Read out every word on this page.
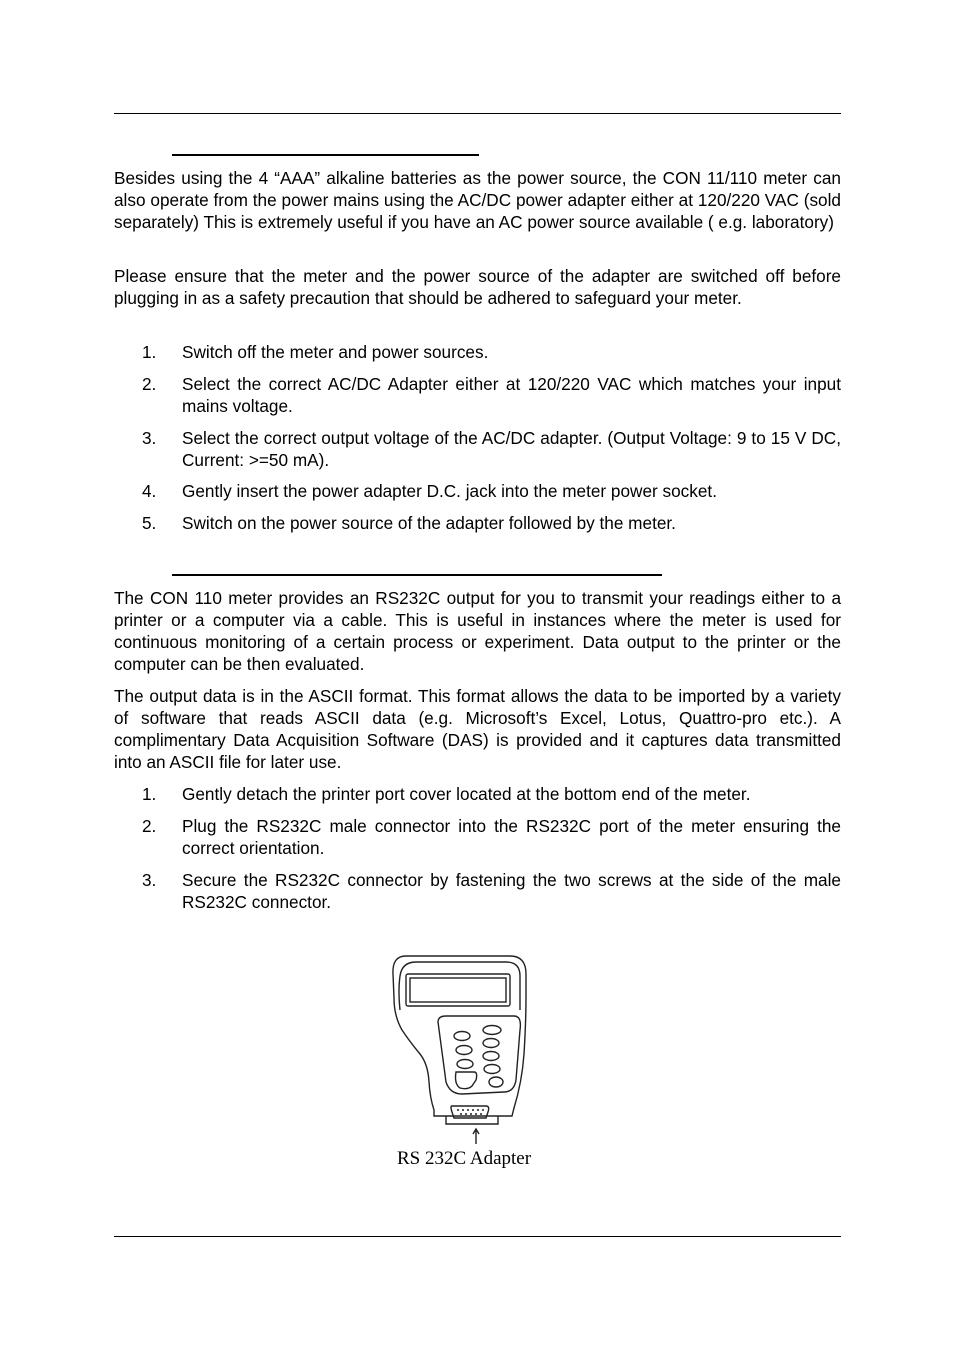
Besides using the 4 “AAA” alkaline batteries as the power source, the CON 11/110 meter can also operate from the power mains using the AC/DC power adapter either at 120/220 VAC (sold separately) This is extremely useful if you have an AC power source available ( e.g. laboratory)

Please ensure that the meter and the power source of the adapter are switched off before plugging in as a safety precaution that should be adhered to safeguard your meter.

1. Switch off the meter and power sources.
2. Select the correct AC/DC Adapter either at 120/220 VAC which matches your input mains voltage.
3. Select the correct output voltage of the AC/DC adapter. (Output Voltage: 9 to 15 V DC, Current: >=50 mA).
4. Gently insert the power adapter D.C. jack into the meter power socket.
5. Switch on the power source of the adapter followed by the meter.

The CON 110 meter provides an RS232C output for you to transmit your readings either to a printer or a computer via a cable. This is useful in instances where the meter is used for continuous monitoring of a certain process or experiment. Data output to the printer or the computer can be then evaluated.

The output data is in the ASCII format. This format allows the data to be imported by a variety of software that reads ASCII data (e.g. Microsoft’s Excel, Lotus, Quattro-pro etc.). A complimentary Data Acquisition Software (DAS) is provided and it captures data transmitted into an ASCII file for later use.

1. Gently detach the printer port cover located at the bottom end of the meter.
2. Plug the RS232C male connector into the RS232C port of the meter ensuring the correct orientation.
3. Secure the RS232C connector by fastening the two screws at the side of the male RS232C connector.
RS 232C Adapter
